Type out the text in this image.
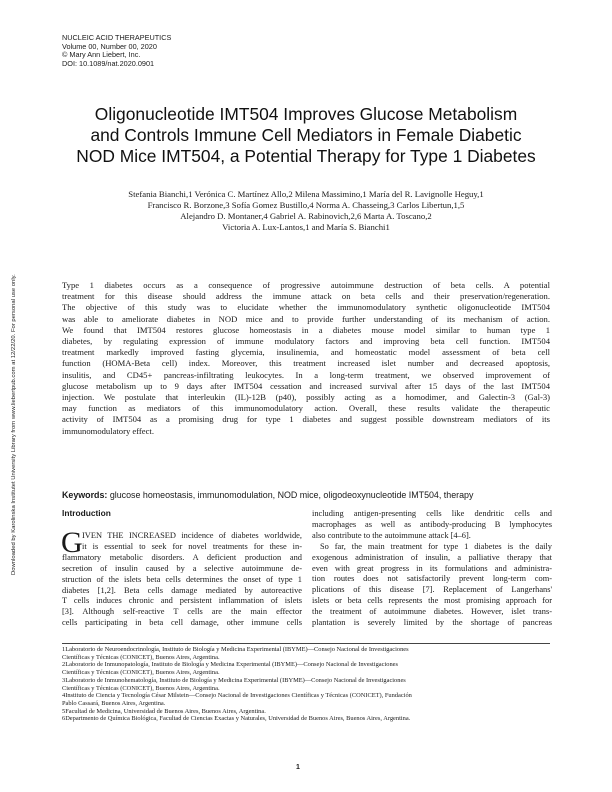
NUCLEIC ACID THERAPEUTICS
Volume 00, Number 00, 2020
© Mary Ann Liebert, Inc.
DOI: 10.1089/nat.2020.0901
Downloaded by Karolinska Institutet University Library from www.liebertpub.com at 12/22/20. For personal use only.
Oligonucleotide IMT504 Improves Glucose Metabolism
and Controls Immune Cell Mediators in Female Diabetic
NOD Mice IMT504, a Potential Therapy for Type 1 Diabetes
Stefania Bianchi,1 Verónica C. Martínez Allo,2 Milena Massimino,1 María del R. Lavignolle Heguy,1
Francisco R. Borzone,3 Sofía Gomez Bustillo,4 Norma A. Chasseing,3 Carlos Libertun,1,5
Alejandro D. Montaner,4 Gabriel A. Rabinovich,2,6 Marta A. Toscano,2
Victoria A. Lux-Lantos,1 and María S. Bianchi1
Type 1 diabetes occurs as a consequence of progressive autoimmune destruction of beta cells. A potential
treatment for this disease should address the immune attack on beta cells and their preservation/regeneration.
The objective of this study was to elucidate whether the immunomodulatory synthetic oligonucleotide IMT504
was able to ameliorate diabetes in NOD mice and to provide further understanding of its mechanism of action.
We found that IMT504 restores glucose homeostasis in a diabetes mouse model similar to human type 1
diabetes, by regulating expression of immune modulatory factors and improving beta cell function. IMT504
treatment markedly improved fasting glycemia, insulinemia, and homeostatic model assessment of beta cell
function (HOMA-Beta cell) index. Moreover, this treatment increased islet number and decreased apoptosis,
insulitis, and CD45+ pancreas-infiltrating leukocytes. In a long-term treatment, we observed improvement of
glucose metabolism up to 9 days after IMT504 cessation and increased survival after 15 days of the last IMT504
injection. We postulate that interleukin (IL)-12B (p40), possibly acting as a homodimer, and Galectin-3 (Gal-3)
may function as mediators of this immunomodulatory action. Overall, these results validate the therapeutic
activity of IMT504 as a promising drug for type 1 diabetes and suggest possible downstream mediators of its
immunomodulatory effect.
Keywords: glucose homeostasis, immunomodulation, NOD mice, oligodeoxynucleotide IMT504, therapy
Introduction
G IVEN THE INCREASED incidence of diabetes worldwide,
it is essential to seek for novel treatments for these in-
flammatory metabolic disorders. A deficient production and
secretion of insulin caused by a selective autoimmune de-
struction of the islets beta cells determines the onset of type 1
diabetes [1,2]. Beta cells damage mediated by autoreactive
T cells induces chronic and persistent inflammation of islets
[3]. Although self-reactive T cells are the main effector
cells participating in beta cell damage, other immune cells
including antigen-presenting cells like dendritic cells and
macrophages as well as antibody-producing B lymphocytes
also contribute to the autoimmune attack [4–6].
So far, the main treatment for type 1 diabetes is the daily
exogenous administration of insulin, a palliative therapy that
even with great progress in its formulations and administra-
tion routes does not satisfactorily prevent long-term com-
plications of this disease [7]. Replacement of Langerhans'
islets or beta cells represents the most promising approach for
the treatment of autoimmune diabetes. However, islet trans-
plantation is severely limited by the shortage of pancreas
1Laboratorio de Neuroendocrinología, Instituto de Biología y Medicina Experimental (IBYME)—Consejo Nacional de Investigaciones
Científicas y Técnicas (CONICET), Buenos Aires, Argentina.
2Laboratorio de Inmunopatología, Instituto de Biología y Medicina Experimental (IBYME)—Consejo Nacional de Investigaciones
Científicas y Técnicas (CONICET), Buenos Aires, Argentina.
3Laboratorio de Inmunohematología, Instituto de Biología y Medicina Experimental (IBYME)—Consejo Nacional de Investigaciones
Científicas y Técnicas (CONICET), Buenos Aires, Argentina.
4Instituto de Ciencia y Tecnología César Milstein—Consejo Nacional de Investigaciones Científicas y Técnicas (CONICET), Fundación
Pablo Cassará, Buenos Aires, Argentina.
5Facultad de Medicina, Universidad de Buenos Aires, Buenos Aires, Argentina.
6Departmento de Química Biológica, Facultad de Ciencias Exactas y Naturales, Universidad de Buenos Aires, Buenos Aires, Argentina.
1
